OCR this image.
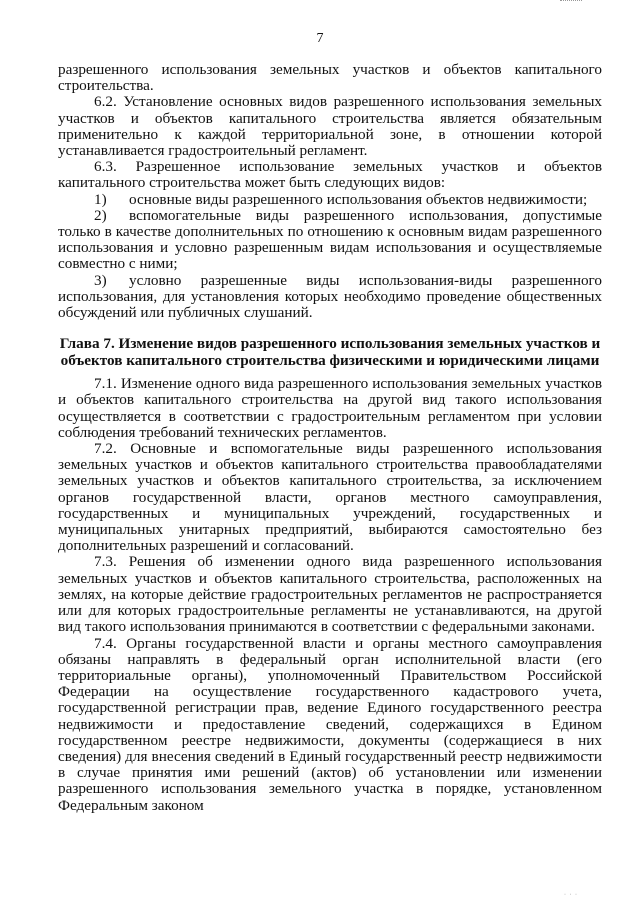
7

разрешенного использования земельных участков и объектов капитального строительства.

6.2. Установление основных видов разрешенного использования земельных участков и объектов капитального строительства является обязательным применительно к каждой территориальной зоне, в отношении которой устанавливается градостроительный регламент.

6.3. Разрешенное использование земельных участков и объектов капитального строительства может быть следующих видов:

1) основные виды разрешенного использования объектов недвижимости;

2) вспомогательные виды разрешенного использования, допустимые только в качестве дополнительных по отношению к основным видам разрешенного использования и условно разрешенным видам использования и осуществляемые совместно с ними;

3) условно разрешенные виды использования-виды разрешенного использования, для установления которых необходимо проведение общественных обсуждений или публичных слушаний.

Глава 7. Изменение видов разрешенного использования земельных участков и объектов капитального строительства физическими и юридическими лицами

7.1. Изменение одного вида разрешенного использования земельных участков и объектов капитального строительства на другой вид такого использования осуществляется в соответствии с градостроительным регламентом при условии соблюдения требований технических регламентов.

7.2. Основные и вспомогательные виды разрешенного использования земельных участков и объектов капитального строительства правообладателями земельных участков и объектов капитального строительства, за исключением органов государственной власти, органов местного самоуправления, государственных и муниципальных учреждений, государственных и муниципальных унитарных предприятий, выбираются самостоятельно без дополнительных разрешений и согласований.

7.3. Решения об изменении одного вида разрешенного использования земельных участков и объектов капитального строительства, расположенных на землях, на которые действие градостроительных регламентов не распространяется или для которых градостроительные регламенты не устанавливаются, на другой вид такого использования принимаются в соответствии с федеральными законами.

7.4. Органы государственной власти и органы местного самоуправления обязаны направлять в федеральный орган исполнительной власти (его территориальные органы), уполномоченный Правительством Российской Федерации на осуществление государственного кадастрового учета, государственной регистрации прав, ведение Единого государственного реестра недвижимости и предоставление сведений, содержащихся в Едином государственном реестре недвижимости, документы (содержащиеся в них сведения) для внесения сведений в Единый государственный реестр недвижимости в случае принятия ими решений (актов) об установлении или изменении разрешенного использования земельного участка в порядке, установленном Федеральным законом

· · ·
